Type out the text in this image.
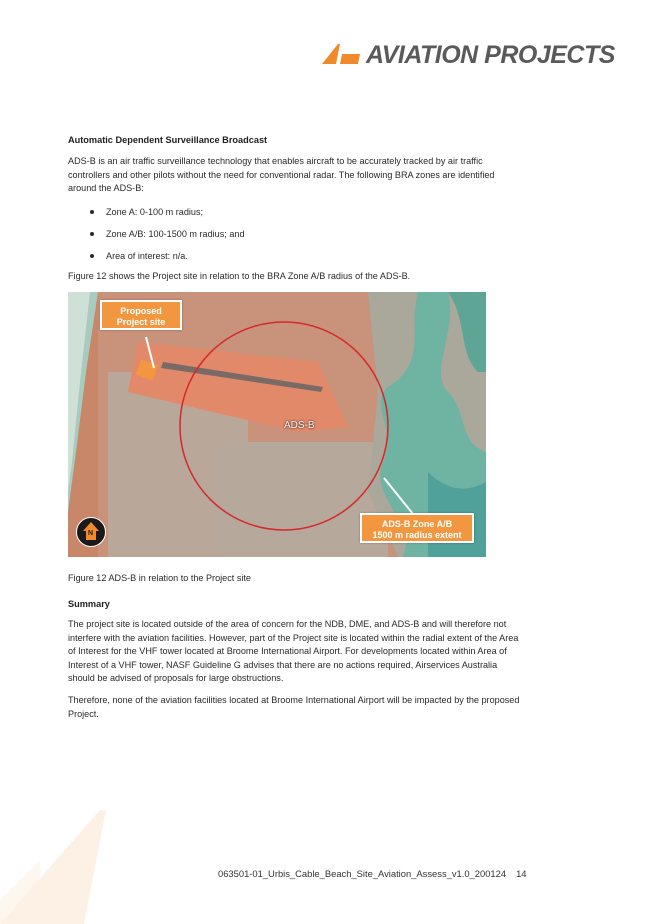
AVIATION PROJECTS
Automatic Dependent Surveillance Broadcast

ADS-B is an air traffic surveillance technology that enables aircraft to be accurately tracked by air traffic controllers and other pilots without the need for conventional radar. The following BRA zones are identified around the ADS-B:

Zone A: 0-100 m radius;
Zone A/B: 100-1500 m radius; and
Area of interest: n/a.

Figure 12 shows the Project site in relation to the BRA Zone A/B radius of the ADS-B.

Proposed
Project site
ADS-B
ADS-B Zone A/B
1500 m radius extent
N
Figure 12 ADS-B in relation to the Project site
Summary

The project site is located outside of the area of concern for the NDB, DME, and ADS-B and will therefore not interfere with the aviation facilities. However, part of the Project site is located within the radial extent of the Area of Interest for the VHF tower located at Broome International Airport. For developments located within Area of Interest of a VHF tower, NASF Guideline G advises that there are no actions required, Airservices Australia should be advised of proposals for large obstructions.

Therefore, none of the aviation facilities located at Broome International Airport will be impacted by the proposed Project.

063501-01_Urbis_Cable_Beach_Site_Aviation_Assess_v1.0_200124 14
